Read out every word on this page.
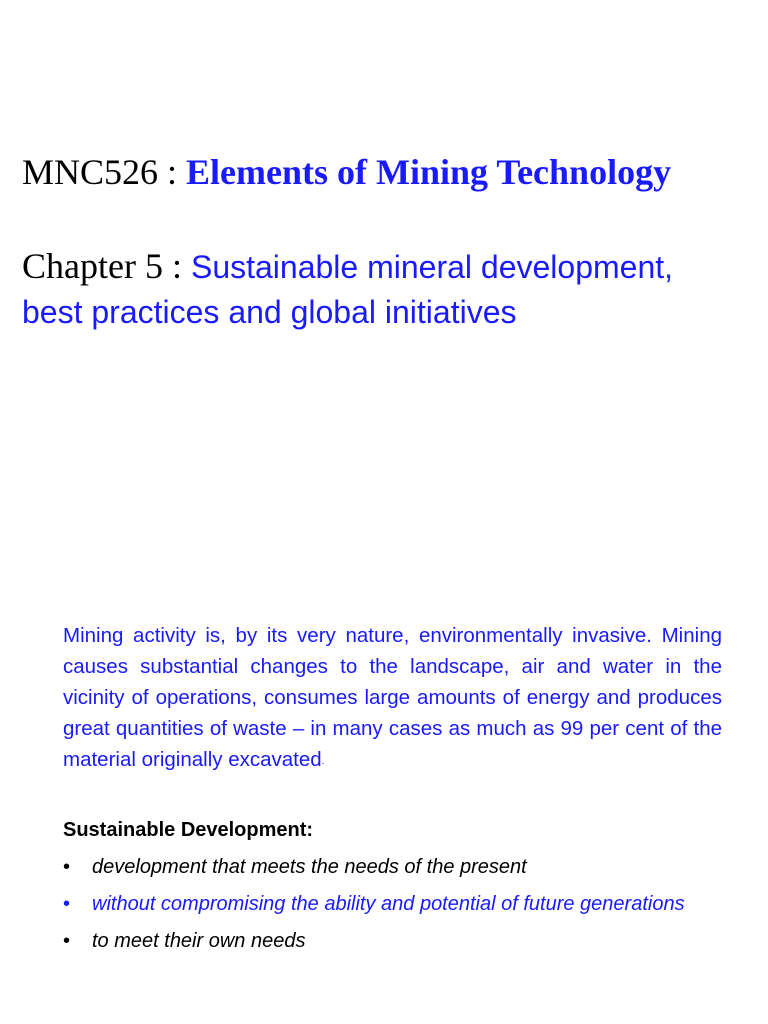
MNC526 : Elements of Mining Technology
Chapter 5 : Sustainable mineral development,
best practices and global initiatives
Mining activity is, by its very nature, environmentally invasive. Mining causes substantial changes to the landscape, air and water in the vicinity of operations, consumes large amounts of energy and produces great quantities of waste – in many cases as much as 99 per cent of the material originally excavated.
Sustainable Development:
• development that meets the needs of the present
• without compromising the ability and potential of future generations
• to meet their own needs
